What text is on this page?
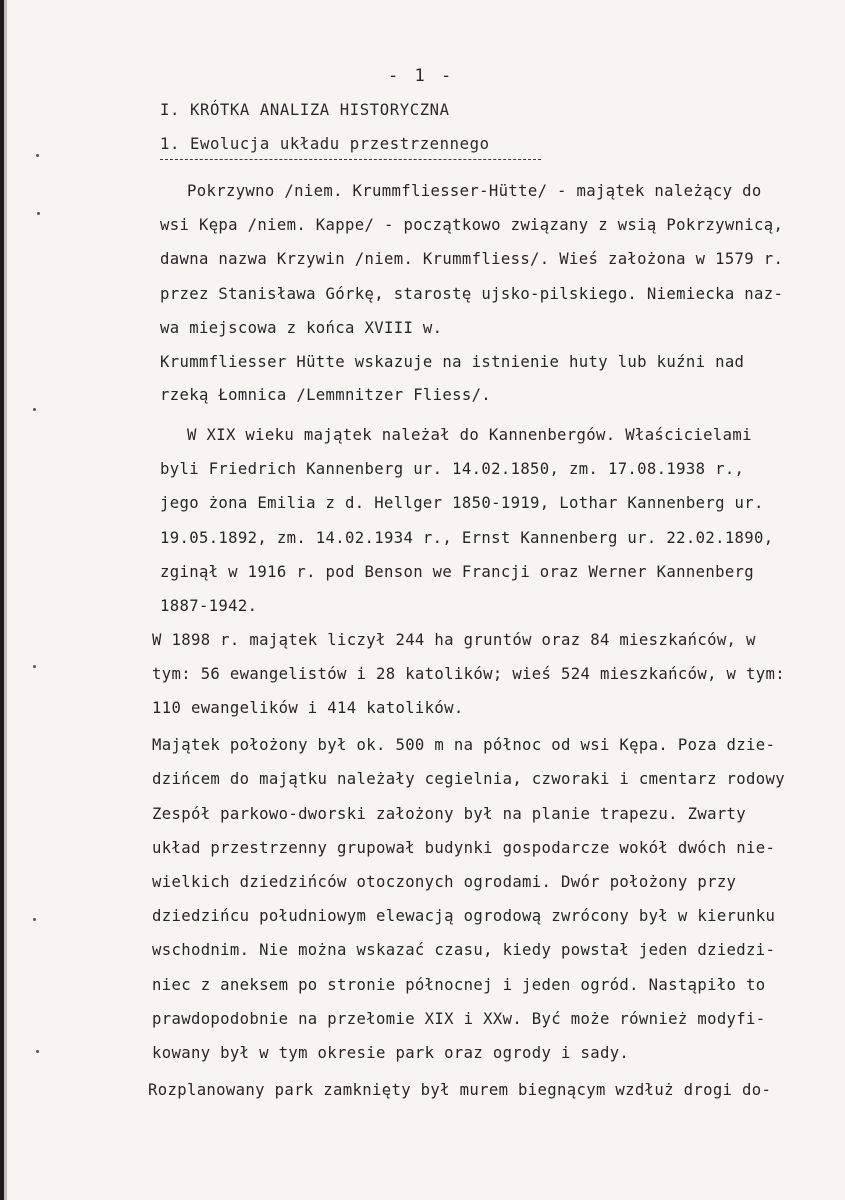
- 1 -
I. KRÓTKA ANALIZA HISTORYCZNA
1. Ewolucja układu przestrzennego
Pokrzywno /niem. Krummfliesser-Hütte/ - majątek należący do
wsi Kępa /niem. Kappe/ - początkowo związany z wsią Pokrzywnicą,
dawna nazwa Krzywin /niem. Krummfliess/. Wieś założona w 1579 r.
przez Stanisława Górkę, starostę ujsko-pilskiego. Niemiecka naz-
wa miejscowa z końca XVIII w.
Krummfliesser Hütte wskazuje na istnienie huty lub kuźni nad
rzeką Łomnica /Lemmnitzer Fliess/.
W XIX wieku majątek należał do Kannenbergów. Właścicielami
byli Friedrich Kannenberg ur. 14.02.1850, zm. 17.08.1938 r.,
jego żona Emilia z d. Hellger 1850-1919, Lothar Kannenberg ur.
19.05.1892, zm. 14.02.1934 r., Ernst Kannenberg ur. 22.02.1890,
zginął w 1916 r. pod Benson we Francji oraz Werner Kannenberg
1887-1942.
W 1898 r. majątek liczył 244 ha gruntów oraz 84 mieszkańców, w
tym: 56 ewangelistów i 28 katolików; wieś 524 mieszkańców, w tym:
110 ewangelików i 414 katolików.
Majątek położony był ok. 500 m na północ od wsi Kępa. Poza dzie-
dzińcem do majątku należały cegielnia, czworaki i cmentarz rodowy
Zespół parkowo-dworski założony był na planie trapezu. Zwarty
układ przestrzenny grupował budynki gospodarcze wokół dwóch nie-
wielkich dziedzińców otoczonych ogrodami. Dwór położony przy
dziedzińcu południowym elewacją ogrodową zwrócony był w kierunku
wschodnim. Nie można wskazać czasu, kiedy powstał jeden dziedzi-
niec z aneksem po stronie północnej i jeden ogród. Nastąpiło to
prawdopodobnie na przełomie XIX i XXw. Być może również modyfi-
kowany był w tym okresie park oraz ogrody i sady.
Rozplanowany park zamknięty był murem biegnącym wzdłuż drogi do-
